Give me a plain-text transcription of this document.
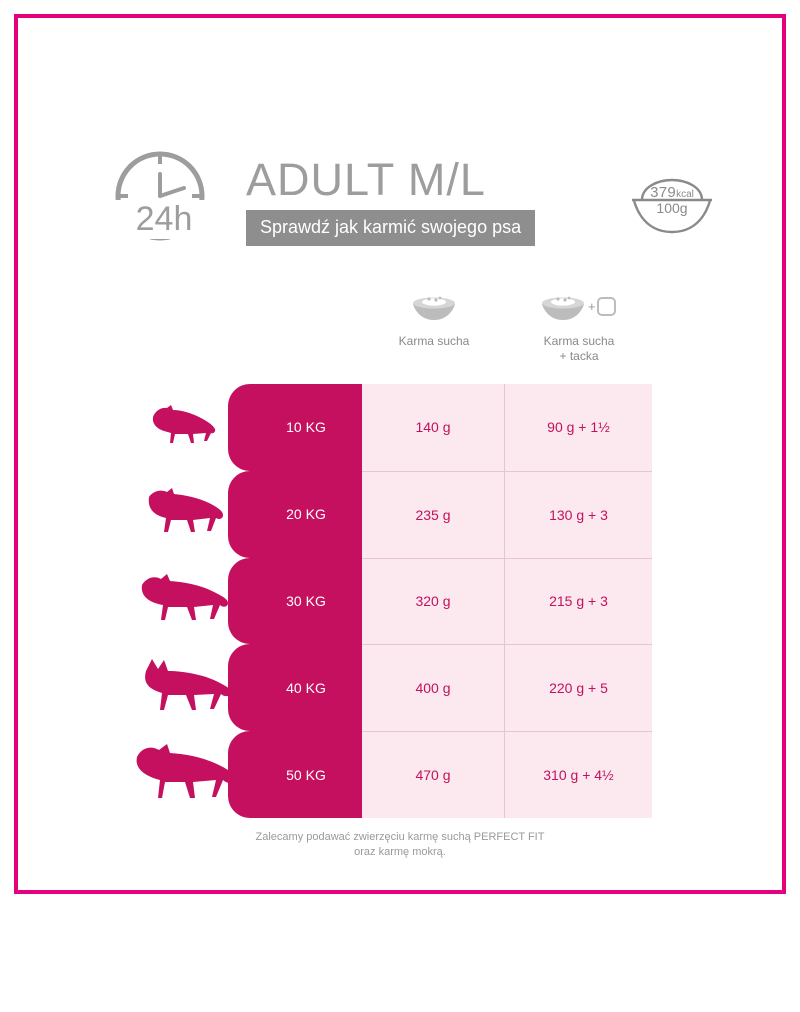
24h
ADULT M/L
Sprawdź jak karmić swojego psa
379kcal
100g
Karma sucha
+
Karma sucha
+ tacka
10 KG	140 g	90 g + 1½
20 KG	235 g	130 g + 3
30 KG	320 g	215 g + 3
40 KG	400 g	220 g + 5
50 KG	470 g	310 g + 4½
Zalecamy podawać zwierzęciu karmę suchą PERFECT FIT
oraz karmę mokrą.
